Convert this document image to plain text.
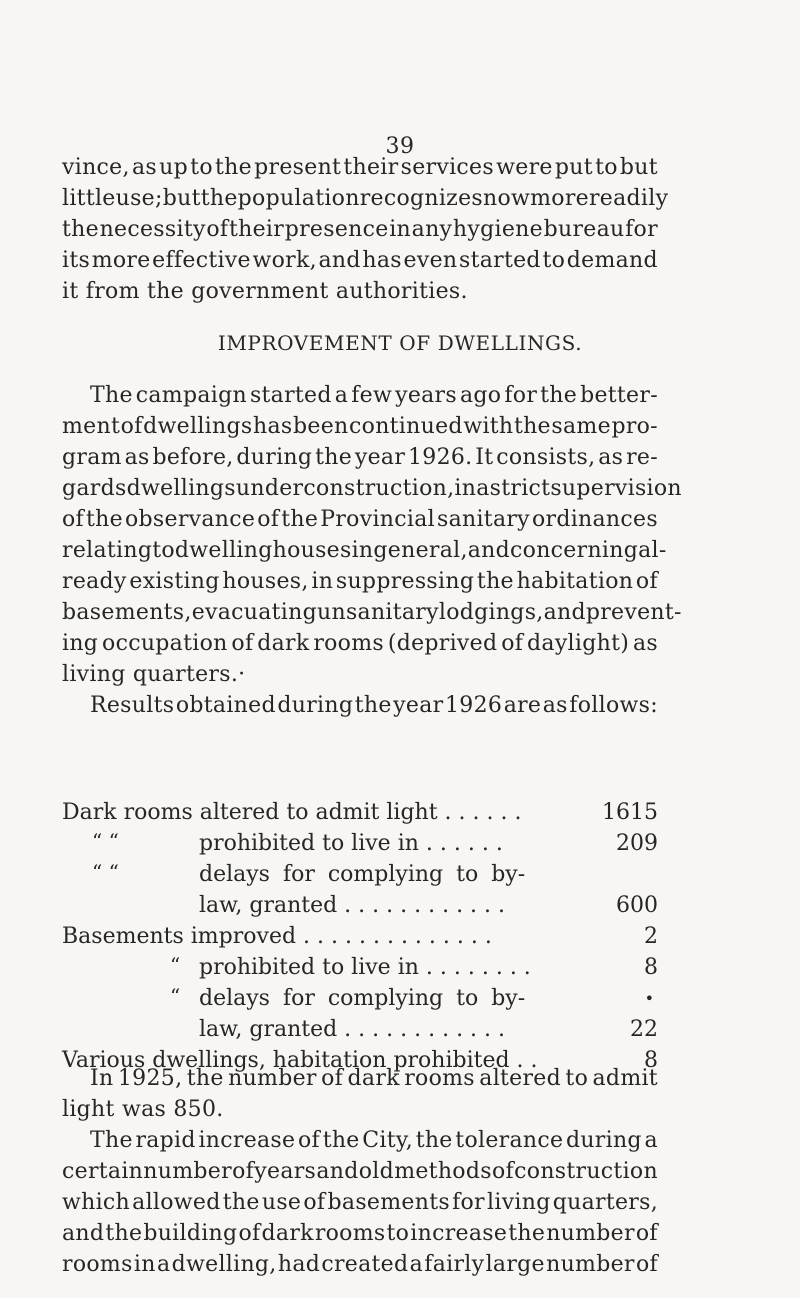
39
vince, as up to the present their services were put to but
little use; but the population recognizes now more readily
the necessity of their presence in any hygiene bureau for
its more effective work, and has even started to demand
it from the government authorities.
IMPROVEMENT OF DWELLINGS.
The campaign started a few years ago for the better-
ment of dwellings has been continued with the same pro-
gram as before, during the year 1926. It consists, as re-
gards dwellings under construction, in a strict supervision
of the observance of the Provincial sanitary ordinances
relating to dwelling houses in general, and concerning al-
ready existing houses, in suppressing the habitation of
basements, evacuating unsanitary lodgings, and prevent-
ing occupation of dark rooms (deprived of daylight) as
living quarters.·
Results obtained during the year 1926 are as follows:
Dark rooms altered to admit light . . . . . .	1615
“ “	prohibited to live in . . . . . .	209
“ “	delays for complying to by-
law, granted . . . . . . . . . . . .	600
Basements improved . . . . . . . . . . . . . .	2
“ prohibited to live in . . . . . . . .	8
“ delays for complying to by-	•
law, granted . . . . . . . . . . . .	22
Various dwellings, habitation prohibited . .	8
In 1925, the number of dark rooms altered to admit
light was 850.
The rapid increase of the City, the tolerance during a
certain number of years and old methods of construction
which allowed the use of basements for living quarters,
and the building of dark rooms to increase the number of
rooms in a dwelling, had created a fairly large number of
